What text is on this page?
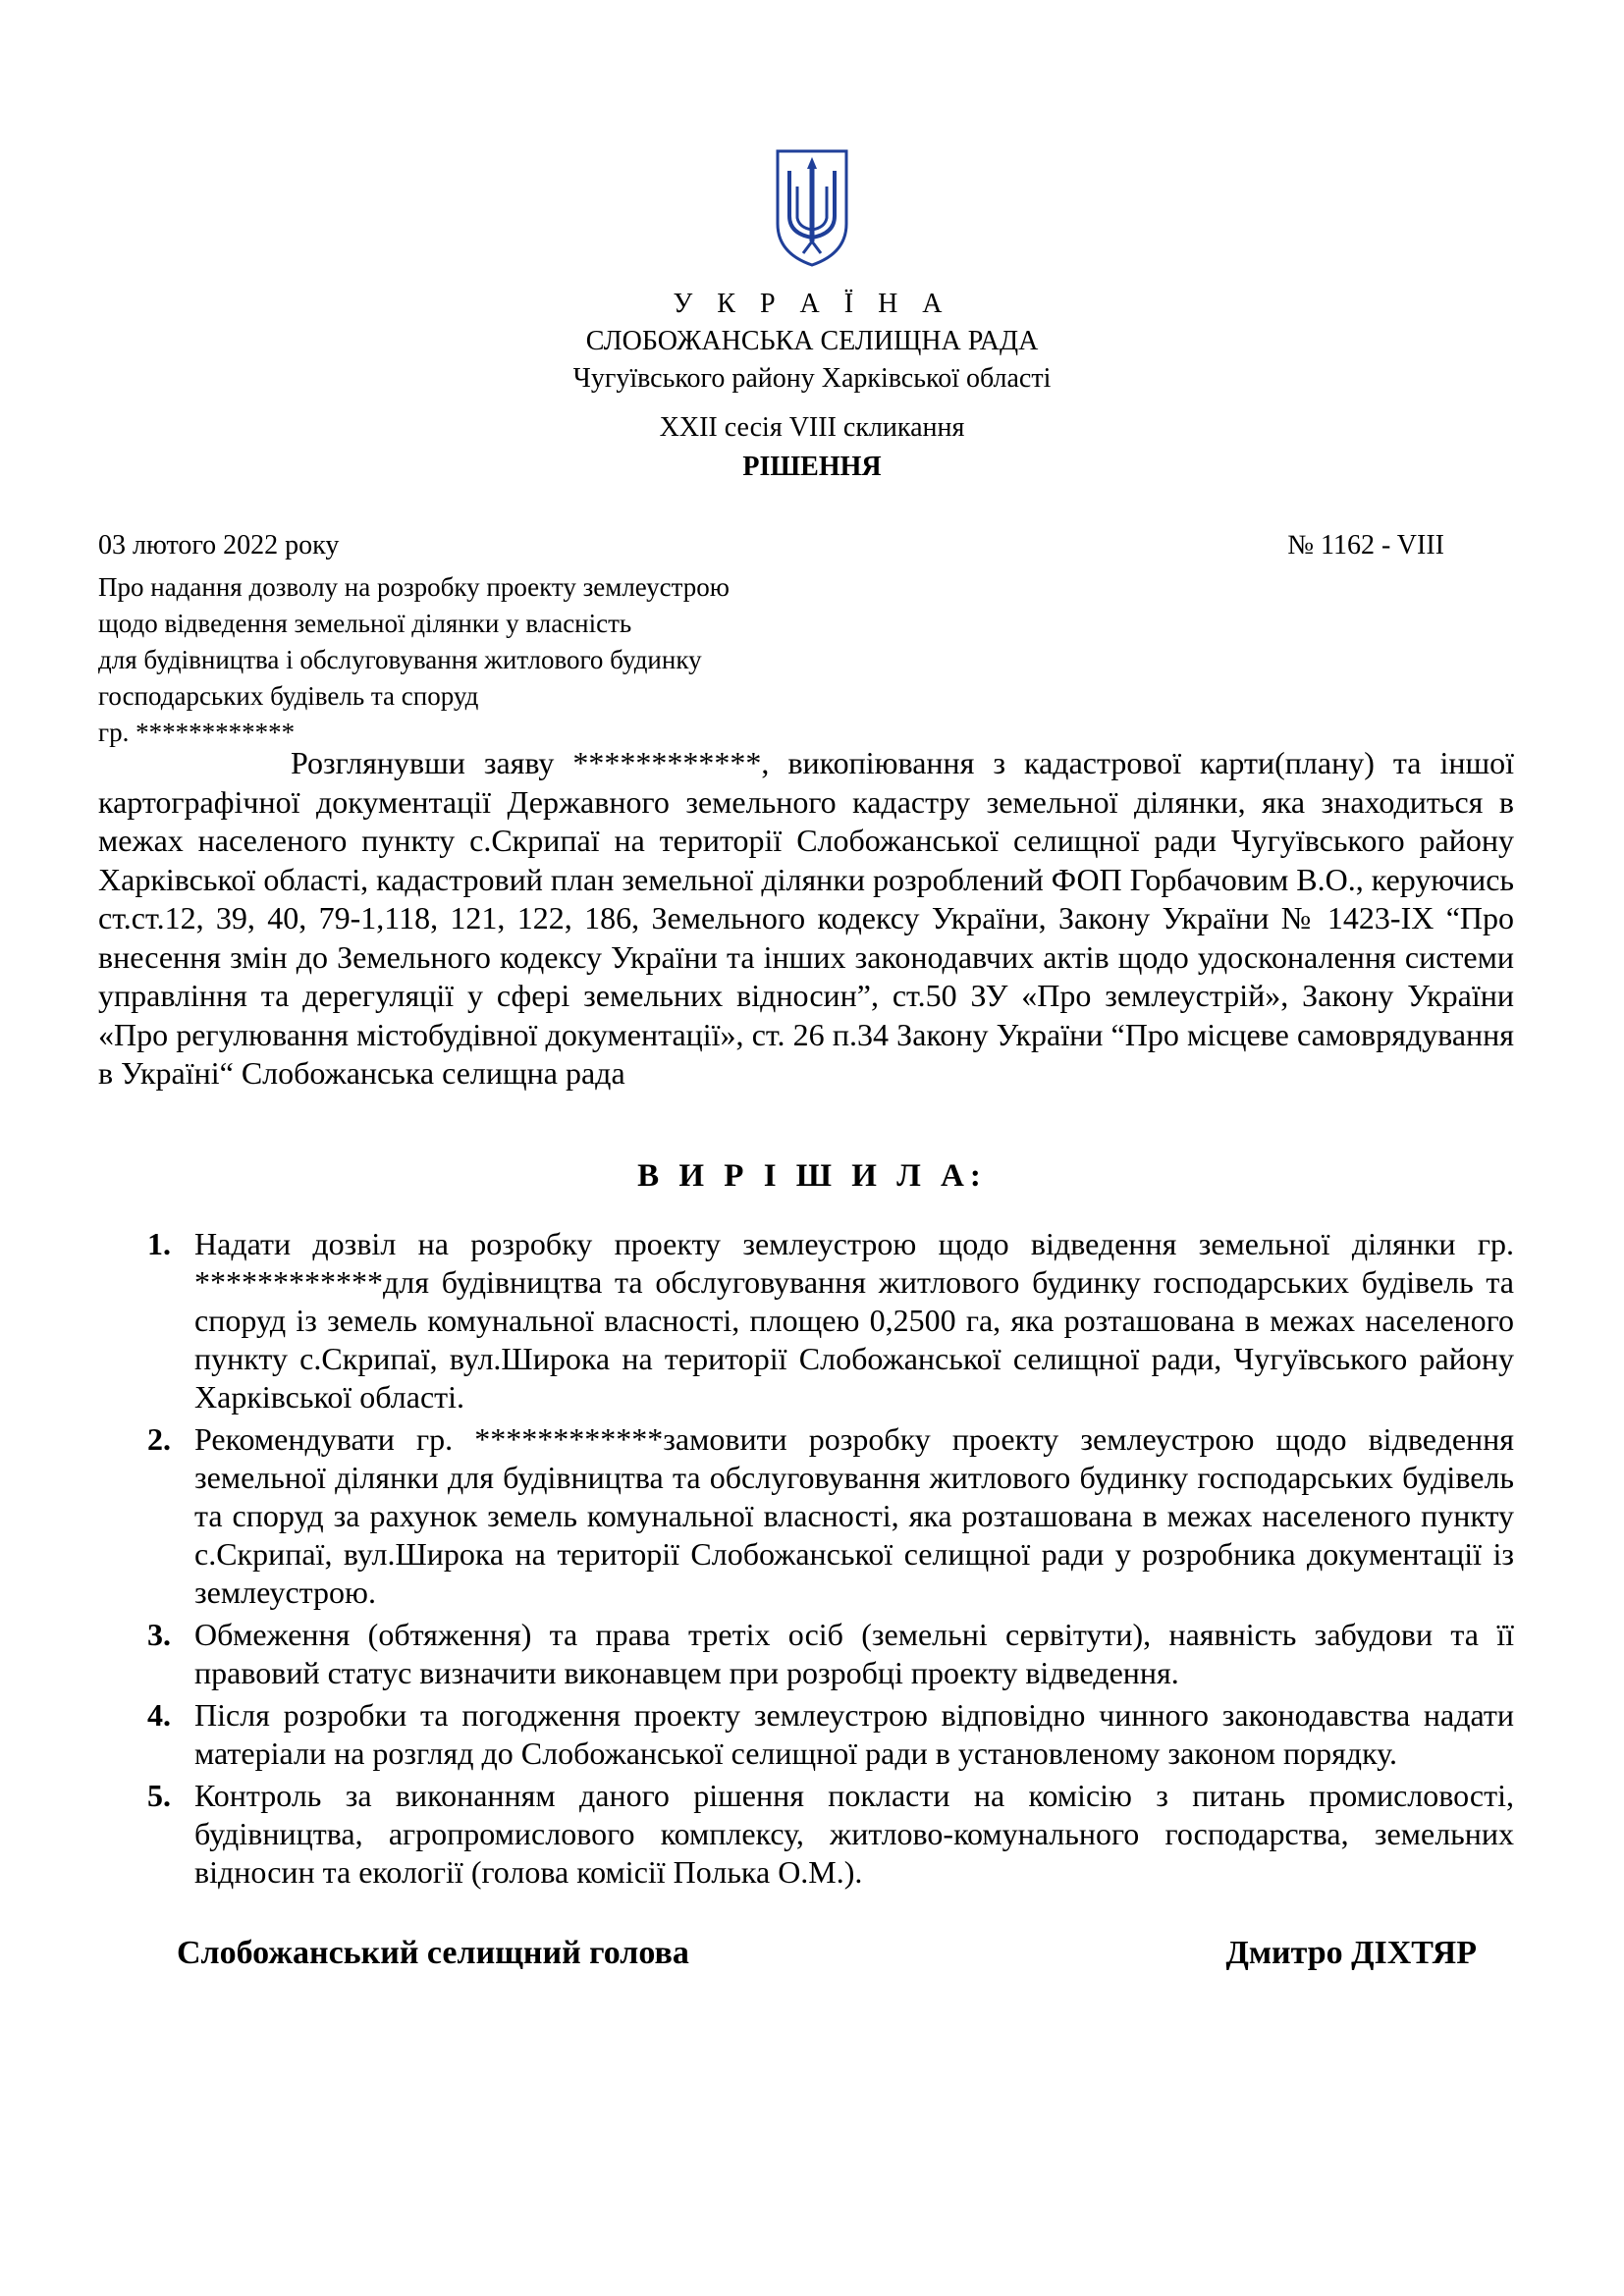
У К Р А Ї Н А
СЛОБОЖАНСЬКА СЕЛИЩНА РАДА
Чугуївського району Харківської області
XXII сесія VIII скликання
РІШЕННЯ
03 лютого 2022 року	№ 1162 - VIII
Про надання дозволу на розробку проекту землеустрою
щодо відведення земельної ділянки у власність
для будівництва і обслуговування житлового будинку
господарських будівель та споруд
гр. ************

Розглянувши заяву ************, викопіювання з кадастрової карти(плану) та іншої картографічної документації Державного земельного кадастру земельної ділянки, яка знаходиться в межах населеного пункту с.Скрипаї на території Слобожанської селищної ради Чугуївського району Харківської області, кадастровий план земельної ділянки розроблений ФОП Горбачовим В.О., керуючись ст.ст.12, 39, 40, 79-1,118, 121, 122, 186, Земельного кодексу України, Закону України № 1423-IX “Про внесення змін до Земельного кодексу України та інших законодавчих актів щодо удосконалення системи управління та дерегуляції у сфері земельних відносин”, ст.50 ЗУ «Про землеустрій», Закону України «Про регулювання містобудівної документації», ст. 26 п.34 Закону України “Про місцеве самоврядування в Україні“ Слобожанська селищна рада

В И Р І Ш И Л А:
1. Надати дозвіл на розробку проекту землеустрою щодо відведення земельної ділянки гр. ************для будівництва та обслуговування житлового будинку господарських будівель та споруд із земель комунальної власності, площею 0,2500 га, яка розташована в межах населеного пункту с.Скрипаї, вул.Широка на території Слобожанської селищної ради, Чугуївського району Харківської області.
2. Рекомендувати гр. ************замовити розробку проекту землеустрою щодо відведення земельної ділянки для будівництва та обслуговування житлового будинку господарських будівель та споруд за рахунок земель комунальної власності, яка розташована в межах населеного пункту с.Скрипаї, вул.Широка на території Слобожанської селищної ради у розробника документації із землеустрою.
3. Обмеження (обтяження) та права третіх осіб (земельні сервітути), наявність забудови та її правовий статус визначити виконавцем при розробці проекту відведення.
4. Після розробки та погодження проекту землеустрою відповідно чинного законодавства надати матеріали на розгляд до Слобожанської селищної ради в установленому законом порядку.
5. Контроль за виконанням даного рішення покласти на комісію з питань промисловості, будівництва, агропромислового комплексу, житлово-комунального господарства, земельних відносин та екології (голова комісії Полька О.М.).
Слобожанський селищний голова	Дмитро ДІХТЯР
